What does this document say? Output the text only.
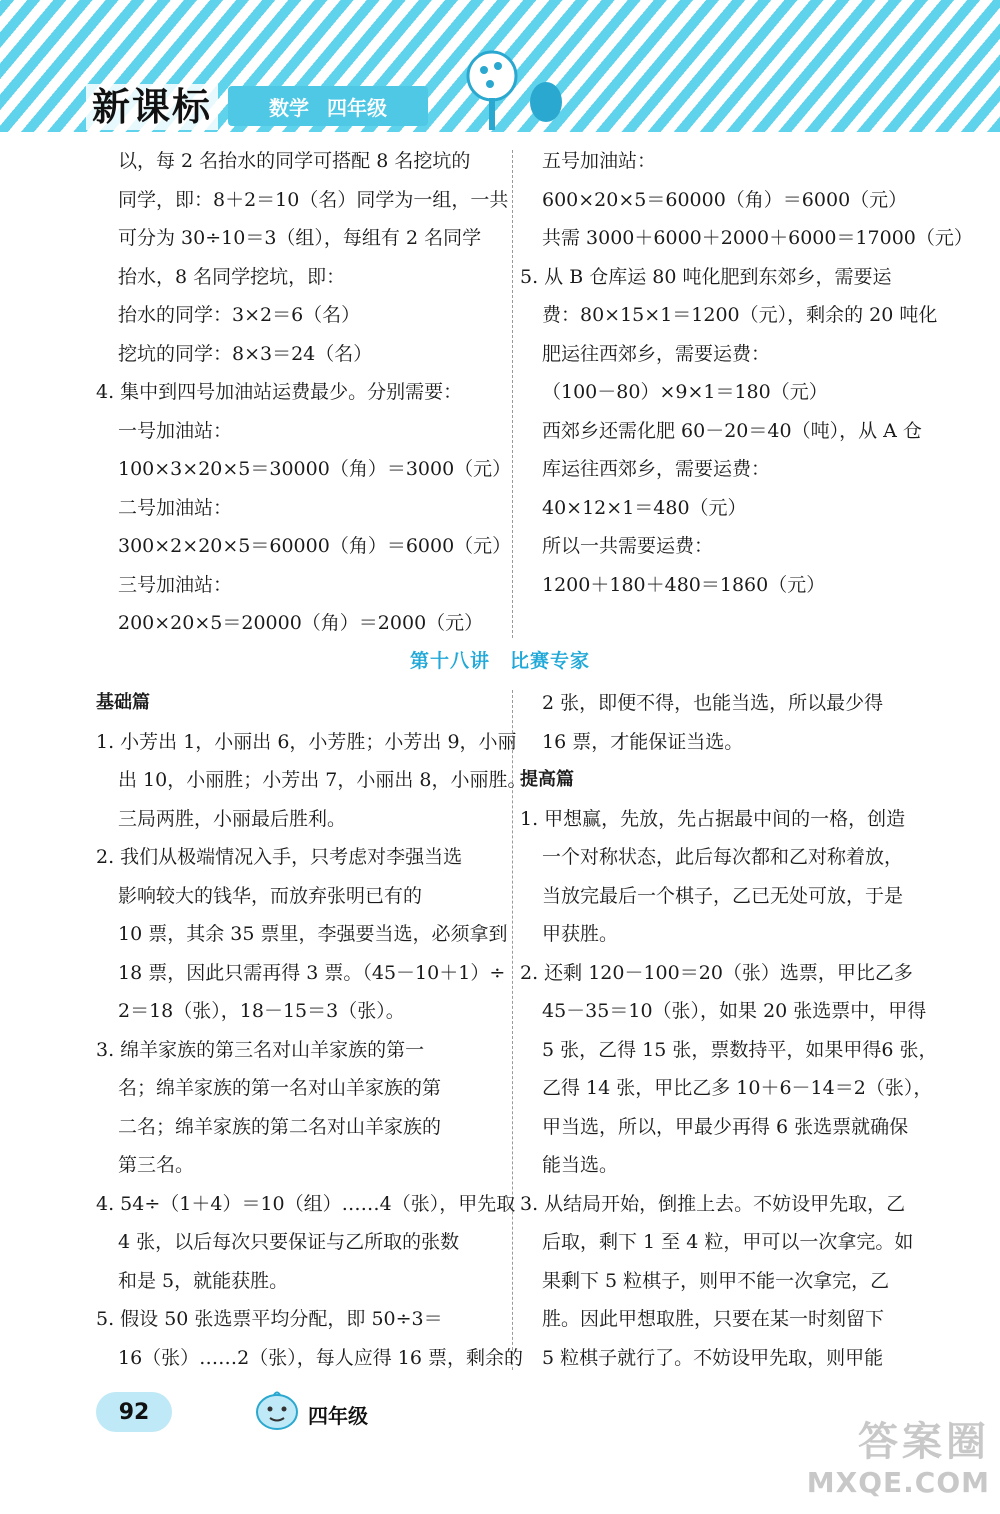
新课标	数学 四年级

以，每 2 名抬水的同学可搭配 8 名挖坑的

同学，即：8＋2＝10（名）同学为一组，一共

可分为 30÷10＝3（组），每组有 2 名同学

抬水，8 名同学挖坑，即：

抬水的同学：3×2＝6（名）

挖坑的同学：8×3＝24（名）

4. 集中到四号加油站运费最少。分别需要：

一号加油站：

100×3×20×5＝30000（角）＝3000（元）

二号加油站：

300×2×20×5＝60000（角）＝6000（元）

三号加油站：

200×20×5＝20000（角）＝2000（元）

五号加油站：

600×20×5＝60000（角）＝6000（元）

共需 3000＋6000＋2000＋6000＝17000（元）

5. 从 B 仓库运 80 吨化肥到东郊乡，需要运

费：80×15×1＝1200（元），剩余的 20 吨化

肥运往西郊乡，需要运费：

（100－80）×9×1＝180（元）

西郊乡还需化肥 60－20＝40（吨），从 A 仓

库运往西郊乡，需要运费：

40×12×1＝480（元）

所以一共需要运费：

1200＋180＋480＝1860（元）

第十八讲　比赛专家

基础篇

1. 小芳出 1，小丽出 6，小芳胜；小芳出 9，小丽

出 10，小丽胜；小芳出 7，小丽出 8，小丽胜。

三局两胜，小丽最后胜利。

2. 我们从极端情况入手，只考虑对李强当选

影响较大的钱华，而放弃张明已有的

10 票，其余 35 票里，李强要当选，必须拿到

18 票，因此只需再得 3 票。（45－10＋1）÷

2＝18（张），18－15＝3（张）。

3. 绵羊家族的第三名对山羊家族的第一

名；绵羊家族的第一名对山羊家族的第

二名；绵羊家族的第二名对山羊家族的

第三名。

4. 54÷（1＋4）＝10（组）……4（张），甲先取

4 张，以后每次只要保证与乙所取的张数

和是 5，就能获胜。

5. 假设 50 张选票平均分配，即 50÷3＝

16（张）……2（张），每人应得 16 票，剩余的

2 张，即便不得，也能当选，所以最少得

16 票，才能保证当选。

提高篇

1. 甲想赢，先放，先占据最中间的一格，创造

一个对称状态，此后每次都和乙对称着放，

当放完最后一个棋子，乙已无处可放，于是

甲获胜。

2. 还剩 120－100＝20（张）选票，甲比乙多

45－35＝10（张），如果 20 张选票中，甲得

5 张，乙得 15 张，票数持平，如果甲得6 张，

乙得 14 张，甲比乙多 10＋6－14＝2（张），

甲当选，所以，甲最少再得 6 张选票就确保

能当选。

3. 从结局开始，倒推上去。不妨设甲先取，乙

后取，剩下 1 至 4 粒，甲可以一次拿完。如

果剩下 5 粒棋子，则甲不能一次拿完，乙

胜。因此甲想取胜，只要在某一时刻留下

5 粒棋子就行了。不妨设甲先取，则甲能

92	四年级
答案圈
MXQE.COM
